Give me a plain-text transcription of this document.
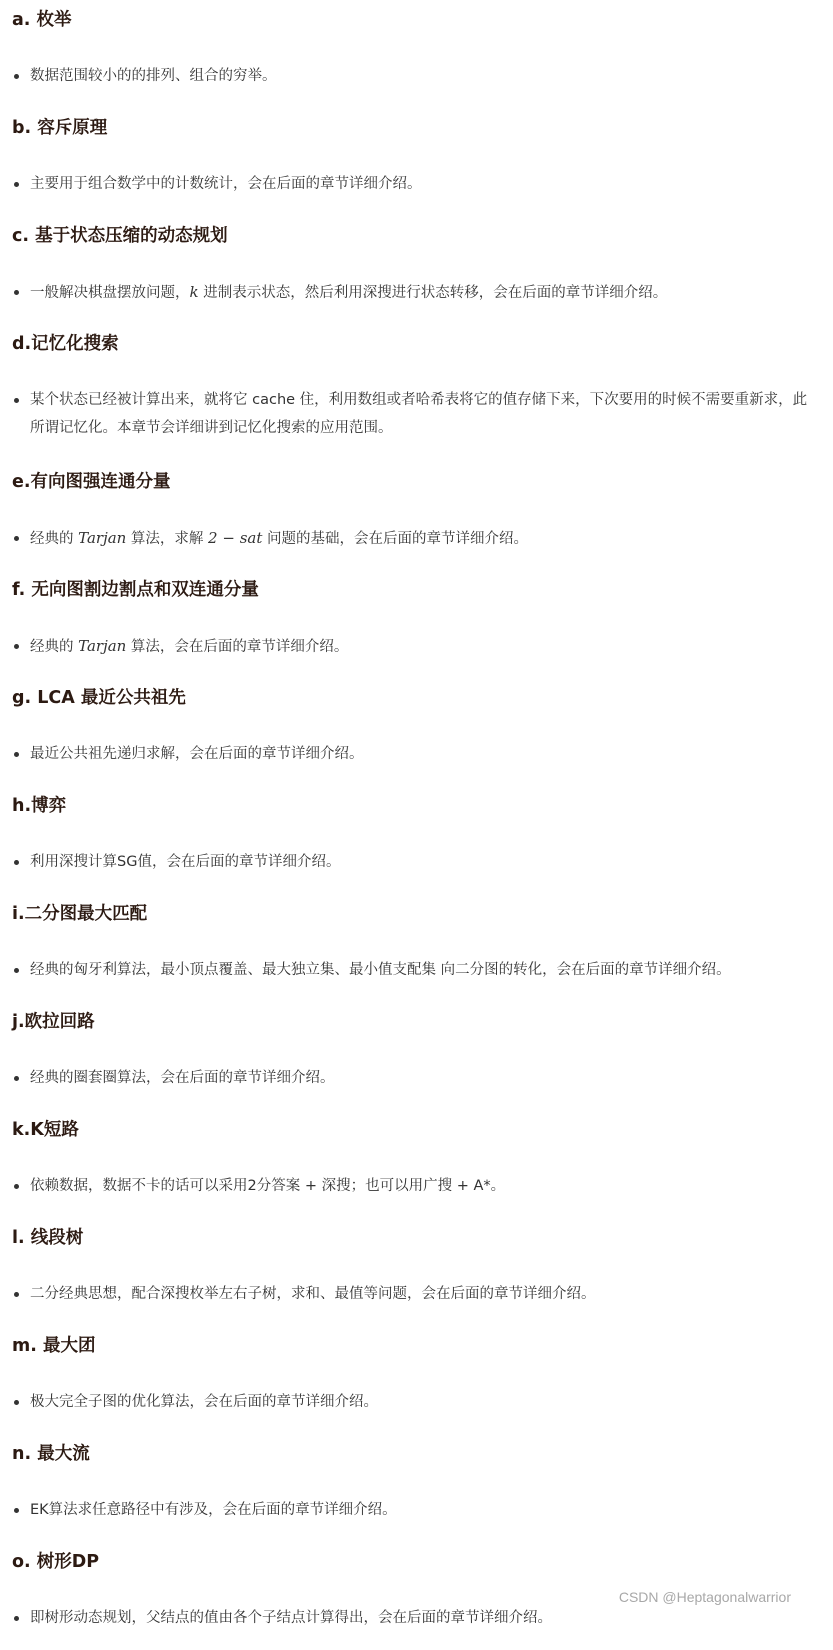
a. 枚举
数据范围较小的的排列、组合的穷举。
b. 容斥原理
主要用于组合数学中的计数统计，会在后面的章节详细介绍。
c. 基于状态压缩的动态规划
一般解决棋盘摆放问题，k 进制表示状态，然后利用深搜进行状态转移，会在后面的章节详细介绍。
d.记忆化搜索
某个状态已经被计算出来，就将它 cache 住，利用数组或者哈希表将它的值存储下来，下次要用的时候不需要重新求，此所谓记忆化。本章节会详细讲到记忆化搜索的应用范围。
e.有向图强连通分量
经典的 Tarjan 算法，求解 2 − sat 问题的基础，会在后面的章节详细介绍。
f. 无向图割边割点和双连通分量
经典的 Tarjan 算法，会在后面的章节详细介绍。
g. LCA 最近公共祖先
最近公共祖先递归求解，会在后面的章节详细介绍。
h.博弈
利用深搜计算SG值，会在后面的章节详细介绍。
i.二分图最大匹配
经典的匈牙利算法，最小顶点覆盖、最大独立集、最小值支配集 向二分图的转化，会在后面的章节详细介绍。
j.欧拉回路
经典的圈套圈算法，会在后面的章节详细介绍。
k.K短路
依赖数据，数据不卡的话可以采用2分答案 + 深搜；也可以用广搜 + A*。
l. 线段树
二分经典思想，配合深搜枚举左右子树，求和、最值等问题，会在后面的章节详细介绍。
m. 最大团
极大完全子图的优化算法，会在后面的章节详细介绍。
n. 最大流
EK算法求任意路径中有涉及，会在后面的章节详细介绍。
o. 树形DP
即树形动态规划，父结点的值由各个子结点计算得出，会在后面的章节详细介绍。
CSDN @Heptagonalwarrior
